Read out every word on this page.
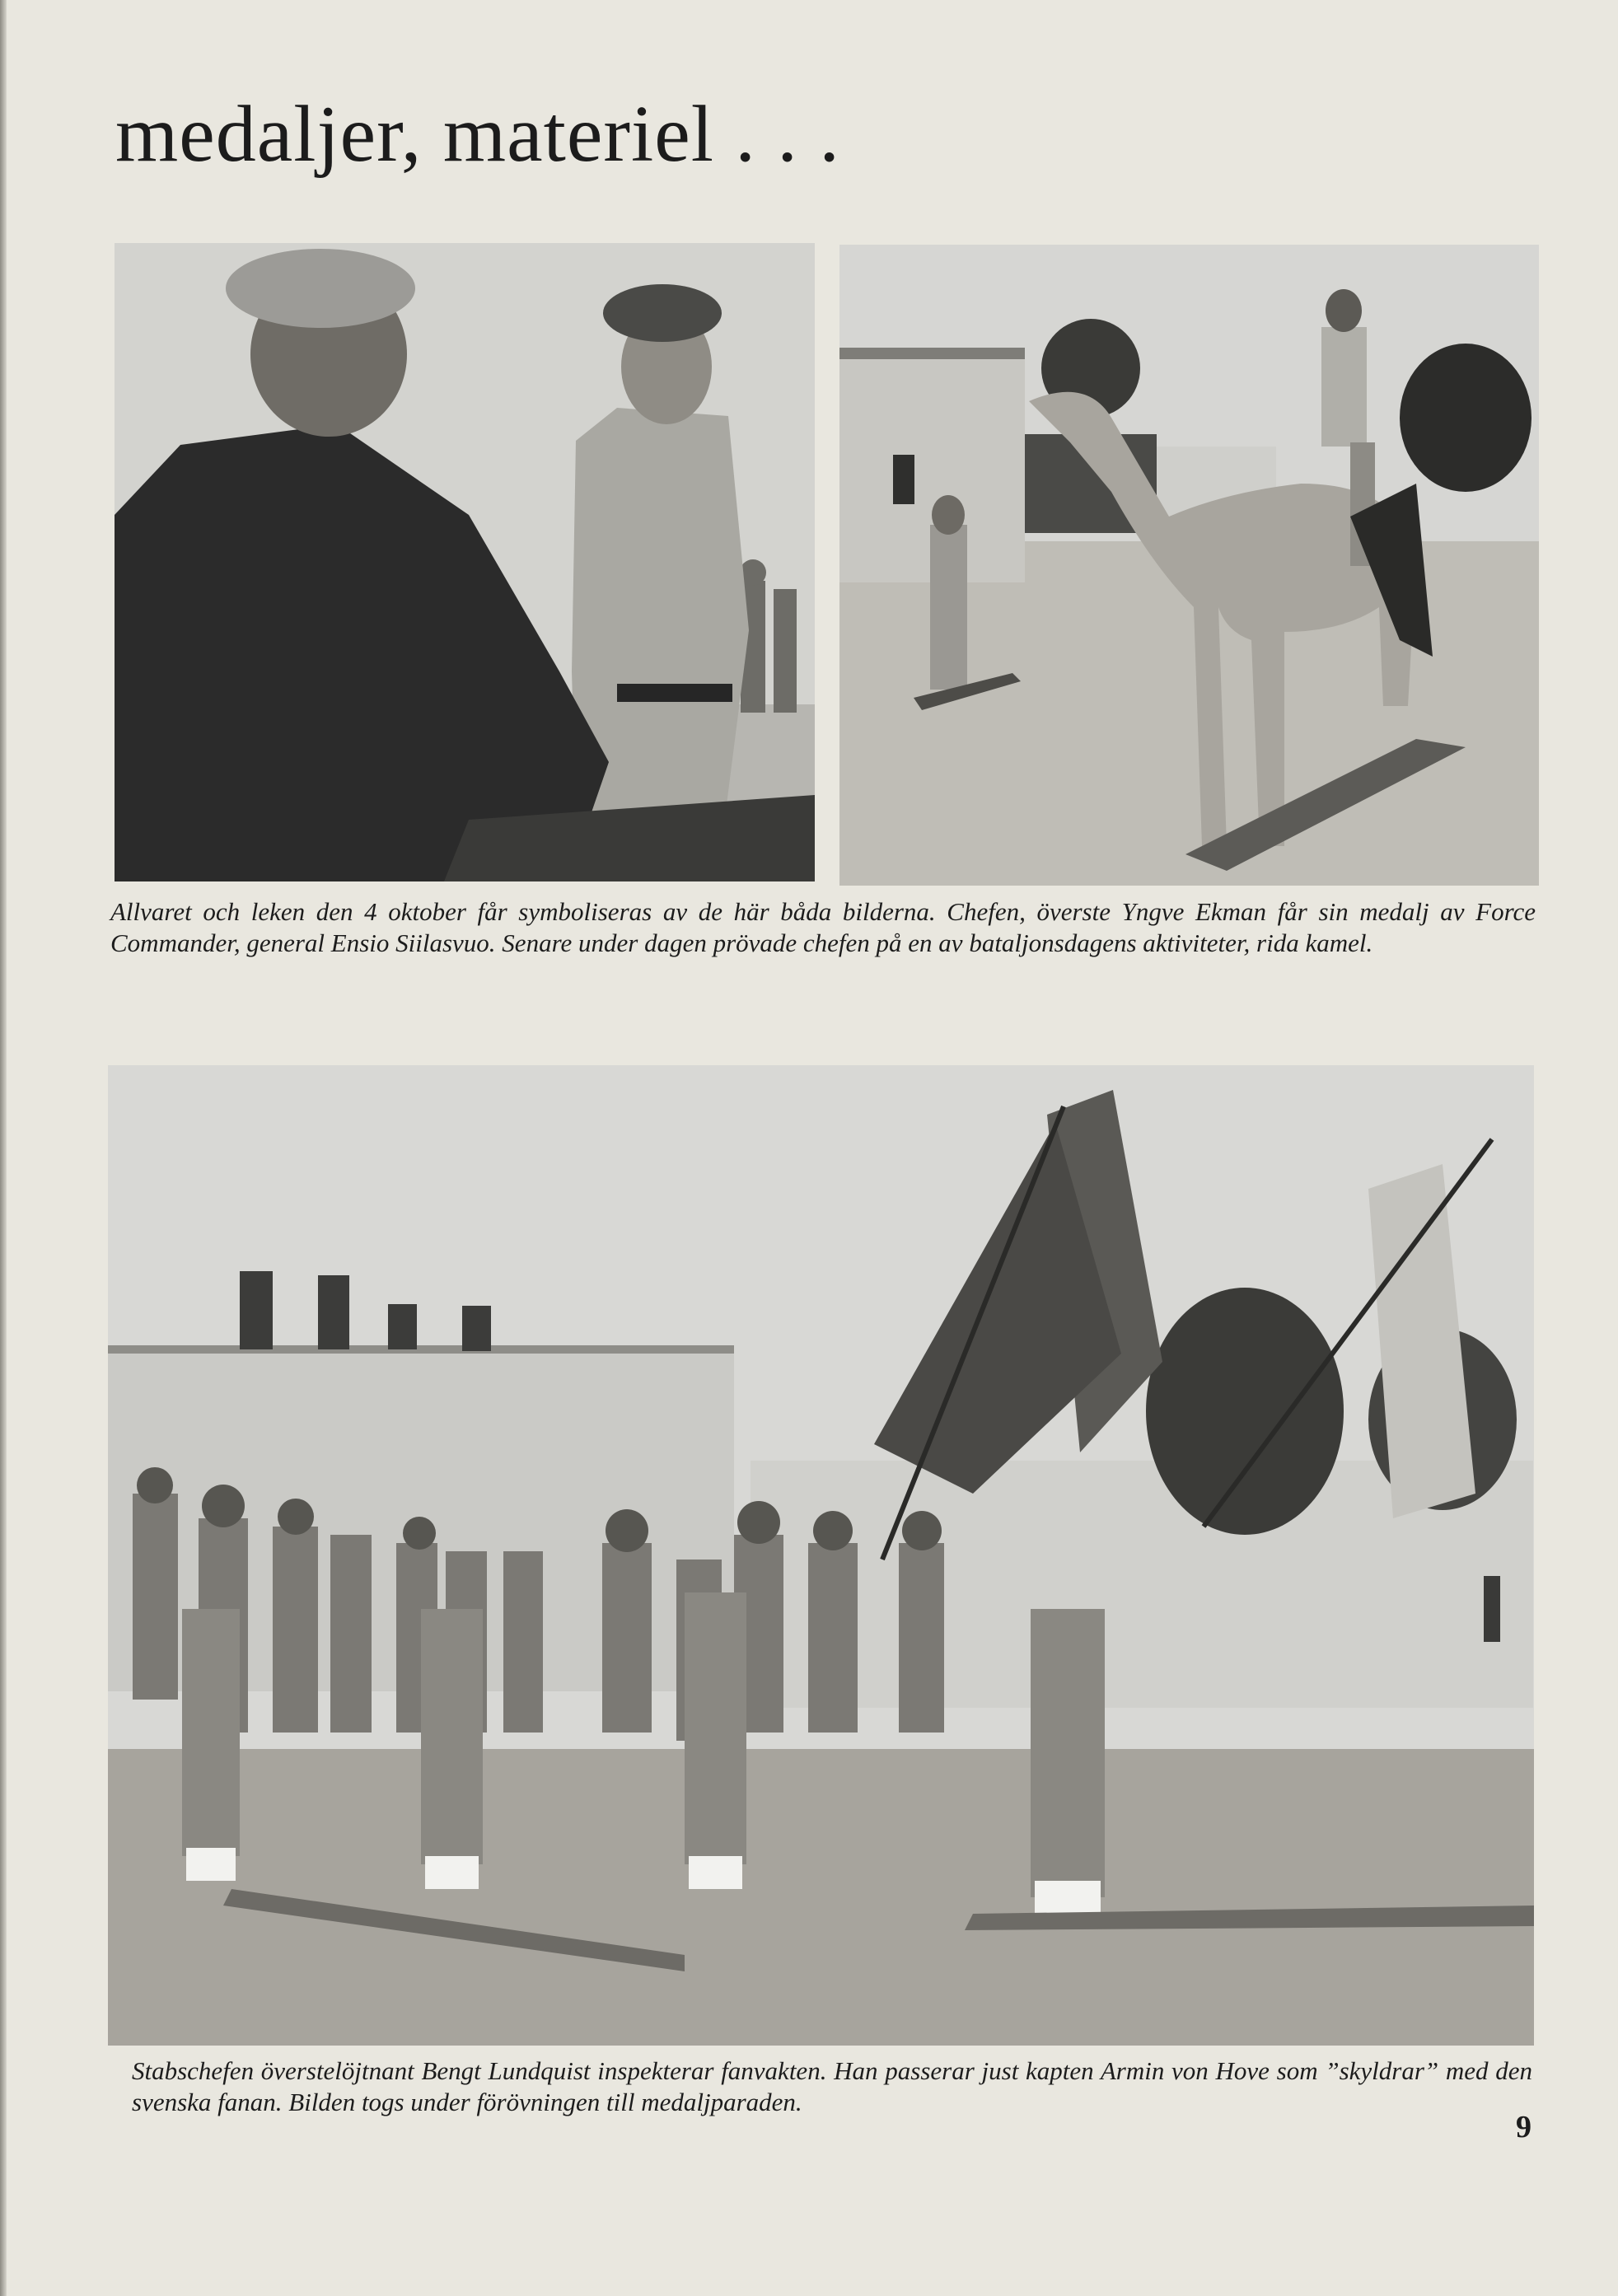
medaljer, materiel . . .

Allvaret och leken den 4 oktober får symboliseras av de här båda bilderna. Chefen, överste Yngve Ekman får sin medalj av Force Commander, general Ensio Siilasvuo. Senare under dagen prövade chefen på en av bataljonsdagens aktiviteter, rida kamel.

Stabschefen överstelöjtnant Bengt Lundquist inspekterar fanvakten. Han passerar just kapten Armin von Hove som ”skyldrar” med den svenska fanan. Bilden togs under förövningen till medaljparaden.

9
